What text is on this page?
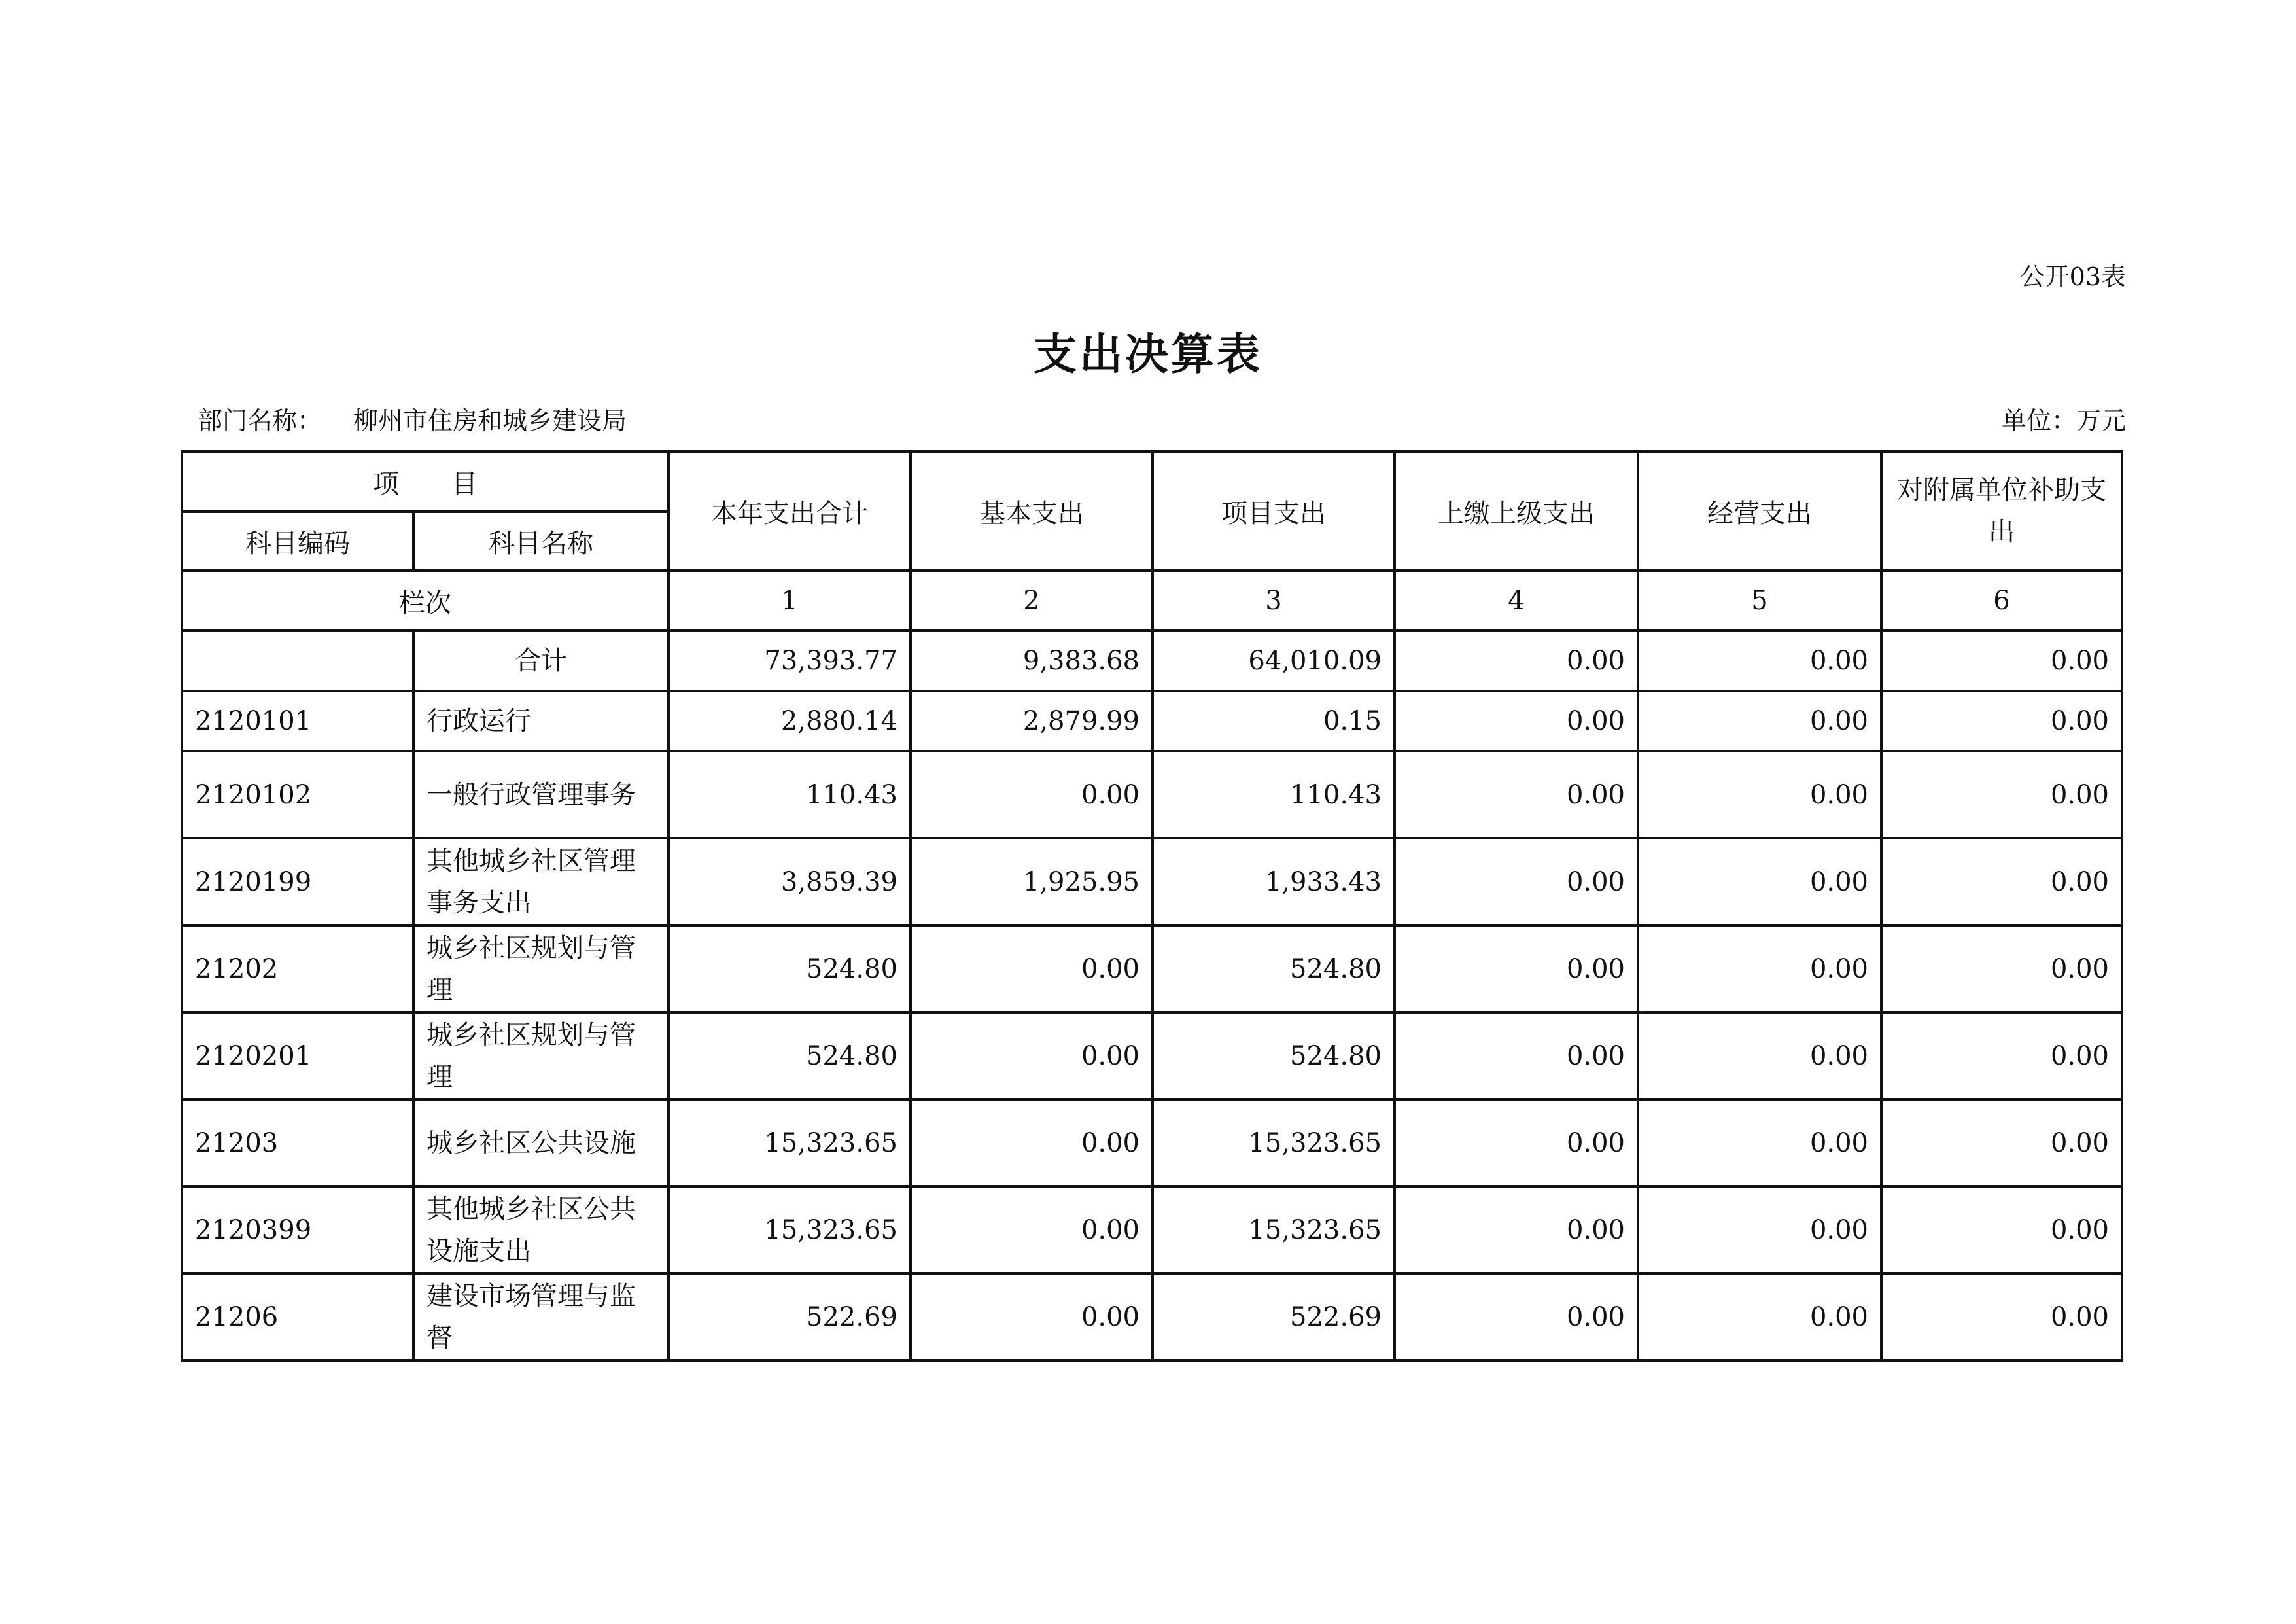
公开03表
支出决算表
部门名称： 柳州市住房和城乡建设局	单位：万元
项　　目		本年支出合计	基本支出	项目支出	上缴上级支出	经营支出	对附属单位补助支出
科目编码	科目名称						
栏次		1	2	3	4	5	6
	合计	73,393.77	9,383.68	64,010.09	0.00	0.00	0.00
2120101	行政运行	2,880.14	2,879.99	0.15	0.00	0.00	0.00
2120102	一般行政管理事务	110.43	0.00	110.43	0.00	0.00	0.00
2120199	其他城乡社区管理事务支出	3,859.39	1,925.95	1,933.43	0.00	0.00	0.00
21202	城乡社区规划与管理	524.80	0.00	524.80	0.00	0.00	0.00
2120201	城乡社区规划与管理	524.80	0.00	524.80	0.00	0.00	0.00
21203	城乡社区公共设施	15,323.65	0.00	15,323.65	0.00	0.00	0.00
2120399	其他城乡社区公共设施支出	15,323.65	0.00	15,323.65	0.00	0.00	0.00
21206	建设市场管理与监督	522.69	0.00	522.69	0.00	0.00	0.00
